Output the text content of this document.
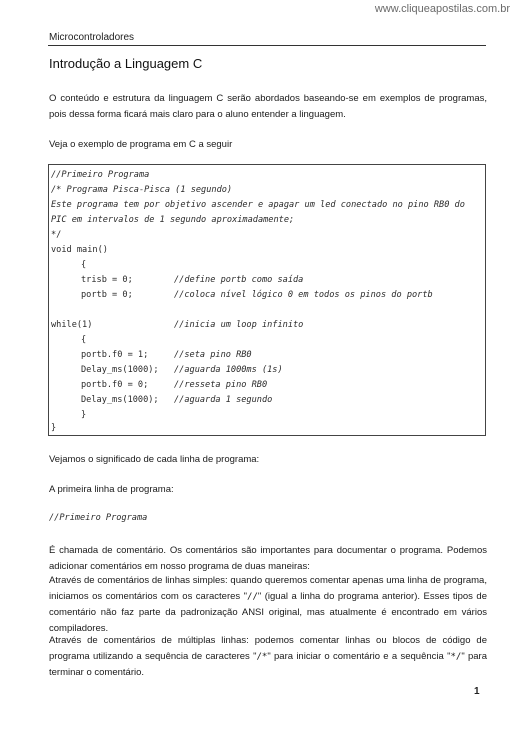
www.cliqueapostilas.com.br
Microcontroladores
Introdução a Linguagem C
O conteúdo e estrutura da linguagem C serão abordados baseando-se em exemplos de programas, pois dessa forma ficará mais claro para o aluno entender a linguagem.
Veja o exemplo de programa em C a seguir
//Primeiro Programa
/* Programa Pisca-Pisca (1 segundo)
Este programa tem por objetivo ascender e apagar um led conectado no pino RB0 do
PIC em intervalos de 1 segundo aproximadamente;
*/
void main()
{
trisb = 0;	//define portb como saída
portb = 0;	//coloca nível lógico 0 em todos os pinos do portb
while(1)	//inicia um loop infinito
{
portb.f0 = 1;	//seta pino RB0
Delay_ms(1000); //aguarda 1000ms (1s)
portb.f0 = 0;	//resseta pino RB0
Delay_ms(1000); //aguarda 1 segundo
}
}
Vejamos o significado de cada linha de programa:
A primeira linha de programa:
//Primeiro Programa
É chamada de comentário. Os comentários são importantes para documentar o programa. Podemos adicionar comentários em nosso programa de duas maneiras:
Através de comentários de linhas simples: quando queremos comentar apenas uma linha de programa, iniciamos os comentários com os caracteres "//" (igual a linha do programa anterior). Esses tipos de comentário não faz parte da padronização ANSI original, mas atualmente é encontrado em vários compiladores.
Através de comentários de múltiplas linhas: podemos comentar linhas ou blocos de código de programa utilizando a sequência de caracteres "/*" para iniciar o comentário e a sequência "*/" para terminar o comentário.
1
